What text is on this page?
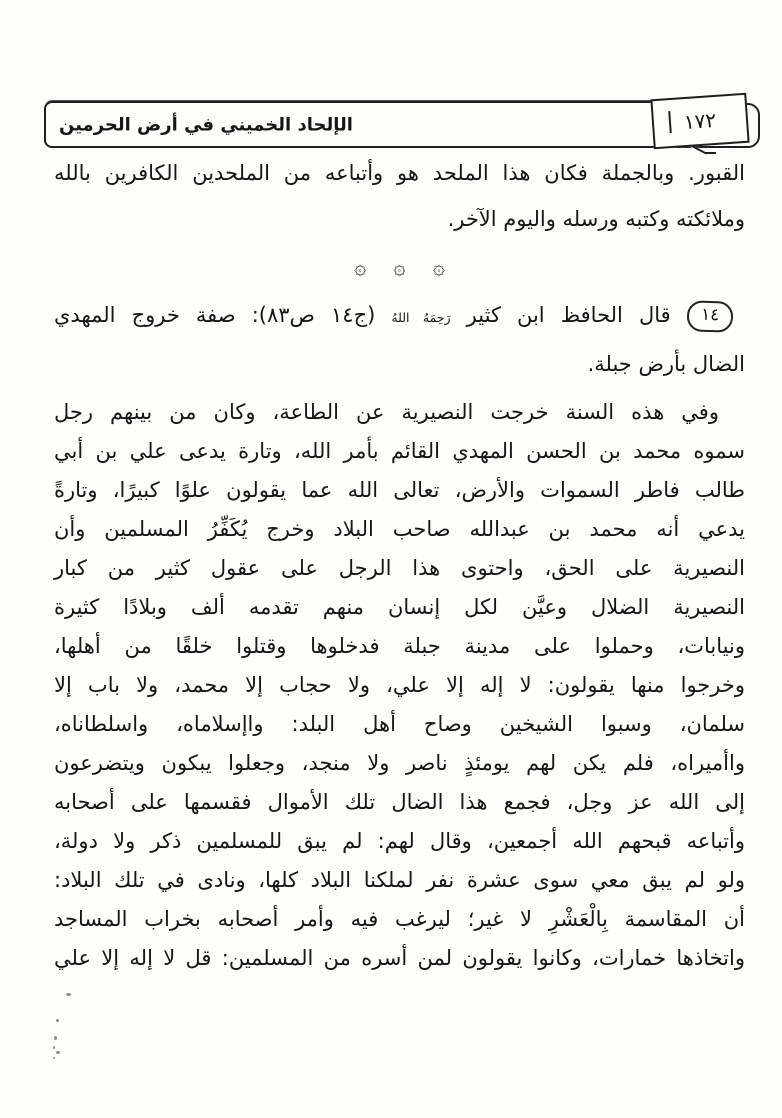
الإلحاد الخميني في أرض الحرمين	١٧٢
القبور. وبالجملة فكان هذا الملحد هو وأتباعه من الملحدين الكافرين بالله
وملائكته وكتبه ورسله واليوم الآخر.
۞ ۞ ۞
١٤ قال الحافظ ابن كثير رَحِمَهُ اللهُ (ج١٤ ص٨٣): صفة خروج المهدي
الضال بأرض جبلة.
وفي هذه السنة خرجت النصيرية عن الطاعة، وكان من بينهم رجل
سموه محمد بن الحسن المهدي القائم بأمر الله، وتارة يدعى علي بن أبي
طالب فاطر السموات والأرض، تعالى الله عما يقولون علوًا كبيرًا، وتارةً
يدعي أنه محمد بن عبدالله صاحب البلاد وخرج يُكَفِّرُ المسلمين وأن
النصيرية على الحق، واحتوى هذا الرجل على عقول كثير من كبار
النصيرية الضلال وعيَّن لكل إنسان منهم تقدمه ألف وبلادًا كثيرة
ونيابات، وحملوا على مدينة جبلة فدخلوها وقتلوا خلقًا من أهلها،
وخرجوا منها يقولون: لا إله إلا علي، ولا حجاب إلا محمد، ولا باب إلا
سلمان، وسبوا الشيخين وصاح أهل البلد: واإسلاماه، واسلطاناه،
واأميراه، فلم يكن لهم يومئذٍ ناصر ولا منجد، وجعلوا يبكون ويتضرعون
إلى الله عز وجل، فجمع هذا الضال تلك الأموال فقسمها على أصحابه
وأتباعه قبحهم الله أجمعين، وقال لهم: لم يبق للمسلمين ذكر ولا دولة،
ولو لم يبق معي سوى عشرة نفر لملكنا البلاد كلها، ونادى في تلك البلاد:
أن المقاسمة بِالْعَشْرِ لا غير؛ ليرغب فيه وأمر أصحابه بخراب المساجد
واتخاذها خمارات، وكانوا يقولون لمن أسره من المسلمين: قل لا إله إلا علي
